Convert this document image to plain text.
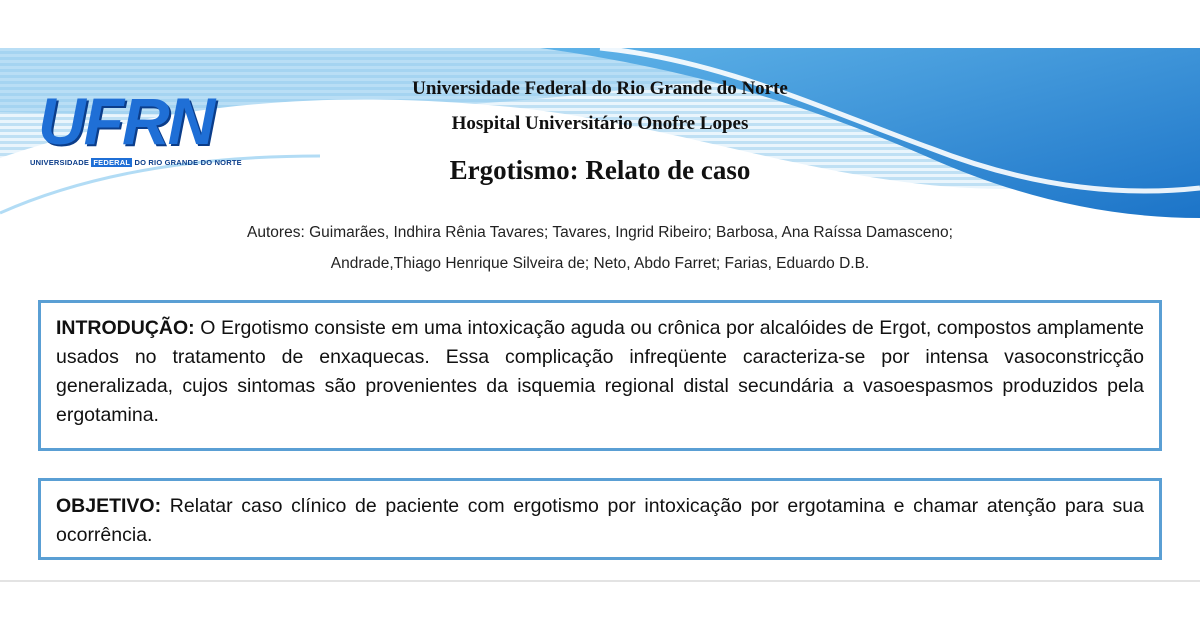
UFRN
UNIVERSIDADE FEDERAL DO RIO GRANDE DO NORTE
Universidade Federal do Rio Grande do Norte
Hospital Universitário Onofre Lopes
Ergotismo: Relato de caso
Autores: Guimarães, Indhira Rênia Tavares; Tavares, Ingrid Ribeiro; Barbosa, Ana Raíssa Damasceno;
Andrade,Thiago Henrique Silveira de; Neto, Abdo Farret; Farias, Eduardo D.B.
INTRODUÇÃO: O Ergotismo consiste em uma intoxicação aguda ou crônica por alcalóides de Ergot, compostos amplamente usados no tratamento de enxaquecas. Essa complicação infreqüente caracteriza-se por intensa vasoconstricção generalizada, cujos sintomas são provenientes da isquemia regional distal secundária a vasoespasmos produzidos pela ergotamina.
OBJETIVO: Relatar caso clínico de paciente com ergotismo por intoxicação por ergotamina e chamar atenção para sua ocorrência.
